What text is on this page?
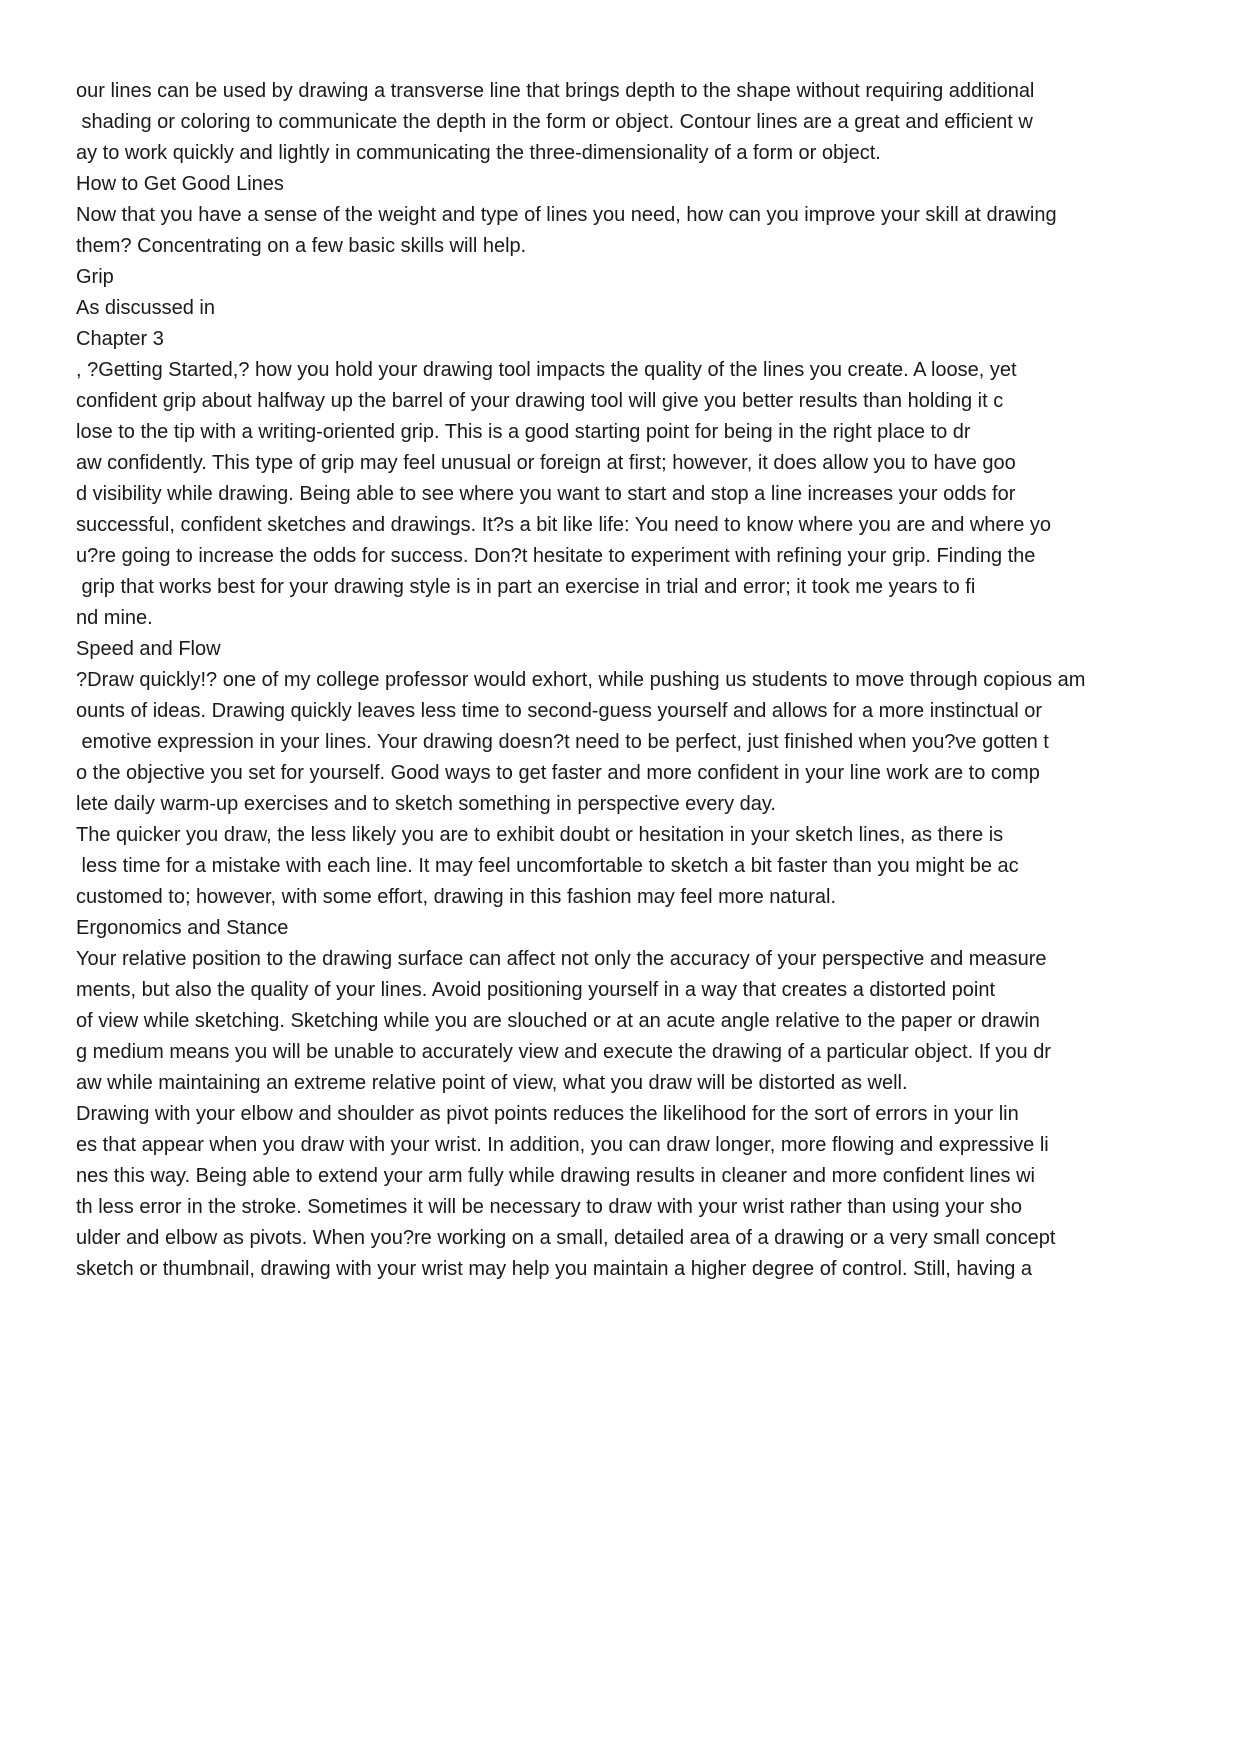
our lines can be used by drawing a transverse line that brings depth to the shape without requiring additional
shading or coloring to communicate the depth in the form or object. Contour lines are a great and efficient w
ay to work quickly and lightly in communicating the three-dimensionality of a form or object.
How to Get Good Lines
Now that you have a sense of the weight and type of lines you need, how can you improve your skill at drawing
them? Concentrating on a few basic skills will help.
Grip
As discussed in
Chapter 3
, ?Getting Started,? how you hold your drawing tool impacts the quality of the lines you create. A loose, yet
confident grip about halfway up the barrel of your drawing tool will give you better results than holding it c
lose to the tip with a writing-oriented grip. This is a good starting point for being in the right place to dr
aw confidently. This type of grip may feel unusual or foreign at first; however, it does allow you to have goo
d visibility while drawing. Being able to see where you want to start and stop a line increases your odds for
successful, confident sketches and drawings. It?s a bit like life: You need to know where you are and where yo
u?re going to increase the odds for success. Don?t hesitate to experiment with refining your grip. Finding the
grip that works best for your drawing style is in part an exercise in trial and error; it took me years to fi
nd mine.
Speed and Flow
?Draw quickly!? one of my college professor would exhort, while pushing us students to move through copious am
ounts of ideas. Drawing quickly leaves less time to second-guess yourself and allows for a more instinctual or
emotive expression in your lines. Your drawing doesn?t need to be perfect, just finished when you?ve gotten t
o the objective you set for yourself. Good ways to get faster and more confident in your line work are to comp
lete daily warm-up exercises and to sketch something in perspective every day.
The quicker you draw, the less likely you are to exhibit doubt or hesitation in your sketch lines, as there is
less time for a mistake with each line. It may feel uncomfortable to sketch a bit faster than you might be ac
customed to; however, with some effort, drawing in this fashion may feel more natural.
Ergonomics and Stance
Your relative position to the drawing surface can affect not only the accuracy of your perspective and measure
ments, but also the quality of your lines. Avoid positioning yourself in a way that creates a distorted point
of view while sketching. Sketching while you are slouched or at an acute angle relative to the paper or drawin
g medium means you will be unable to accurately view and execute the drawing of a particular object. If you dr
aw while maintaining an extreme relative point of view, what you draw will be distorted as well.
Drawing with your elbow and shoulder as pivot points reduces the likelihood for the sort of errors in your lin
es that appear when you draw with your wrist. In addition, you can draw longer, more flowing and expressive li
nes this way. Being able to extend your arm fully while drawing results in cleaner and more confident lines wi
th less error in the stroke. Sometimes it will be necessary to draw with your wrist rather than using your sho
ulder and elbow as pivots. When you?re working on a small, detailed area of a drawing or a very small concept
sketch or thumbnail, drawing with your wrist may help you maintain a higher degree of control. Still, having a
